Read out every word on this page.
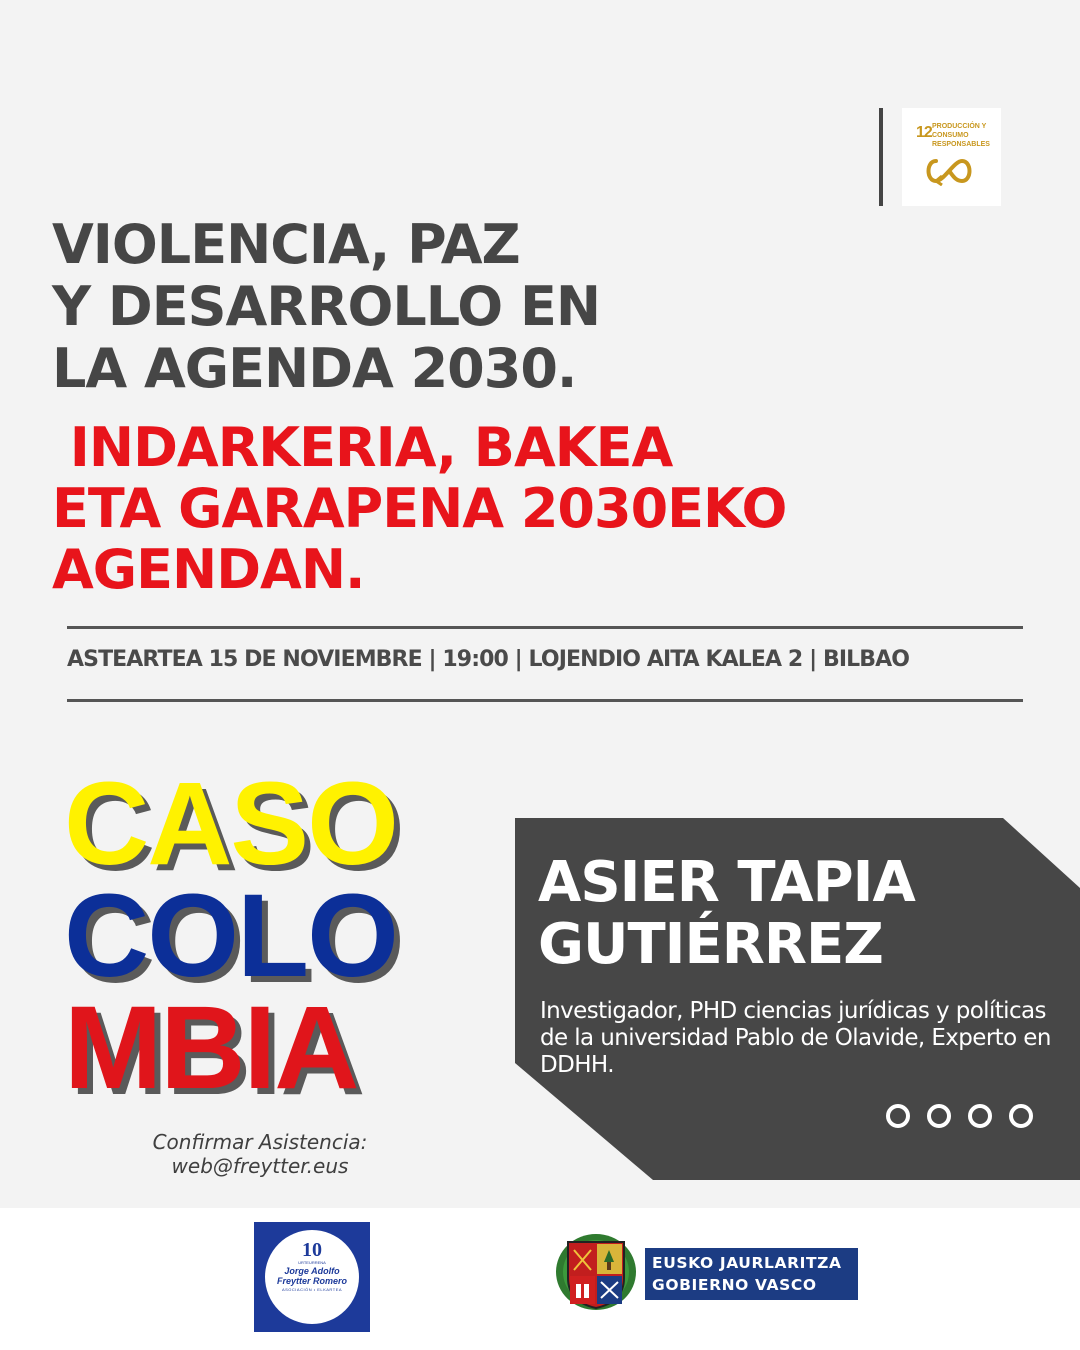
12 PRODUCCIÓN Y CONSUMO RESPONSABLES
VIOLENCIA, PAZ
Y DESARROLLO EN
LA AGENDA 2030.
INDARKERIA, BAKEA
ETA GARAPENA 2030EKO
AGENDAN.
ASTEARTEA 15 DE NOVIEMBRE | 19:00 | LOJENDIO AITA KALEA 2 | BILBAO
CASO
COLO
MBIA
Confirmar Asistencia:
web@freytter.eus
ASIER TAPIA
GUTIÉRREZ
Investigador, PHD ciencias jurídicas y políticas de la universidad Pablo de Olavide, Experto en DDHH.
10
URTEURRENA
Jorge Adolfo
Freytter Romero
ASOCIACIÓN • ELKARTEA
EUSKO JAURLARITZA
GOBIERNO VASCO
